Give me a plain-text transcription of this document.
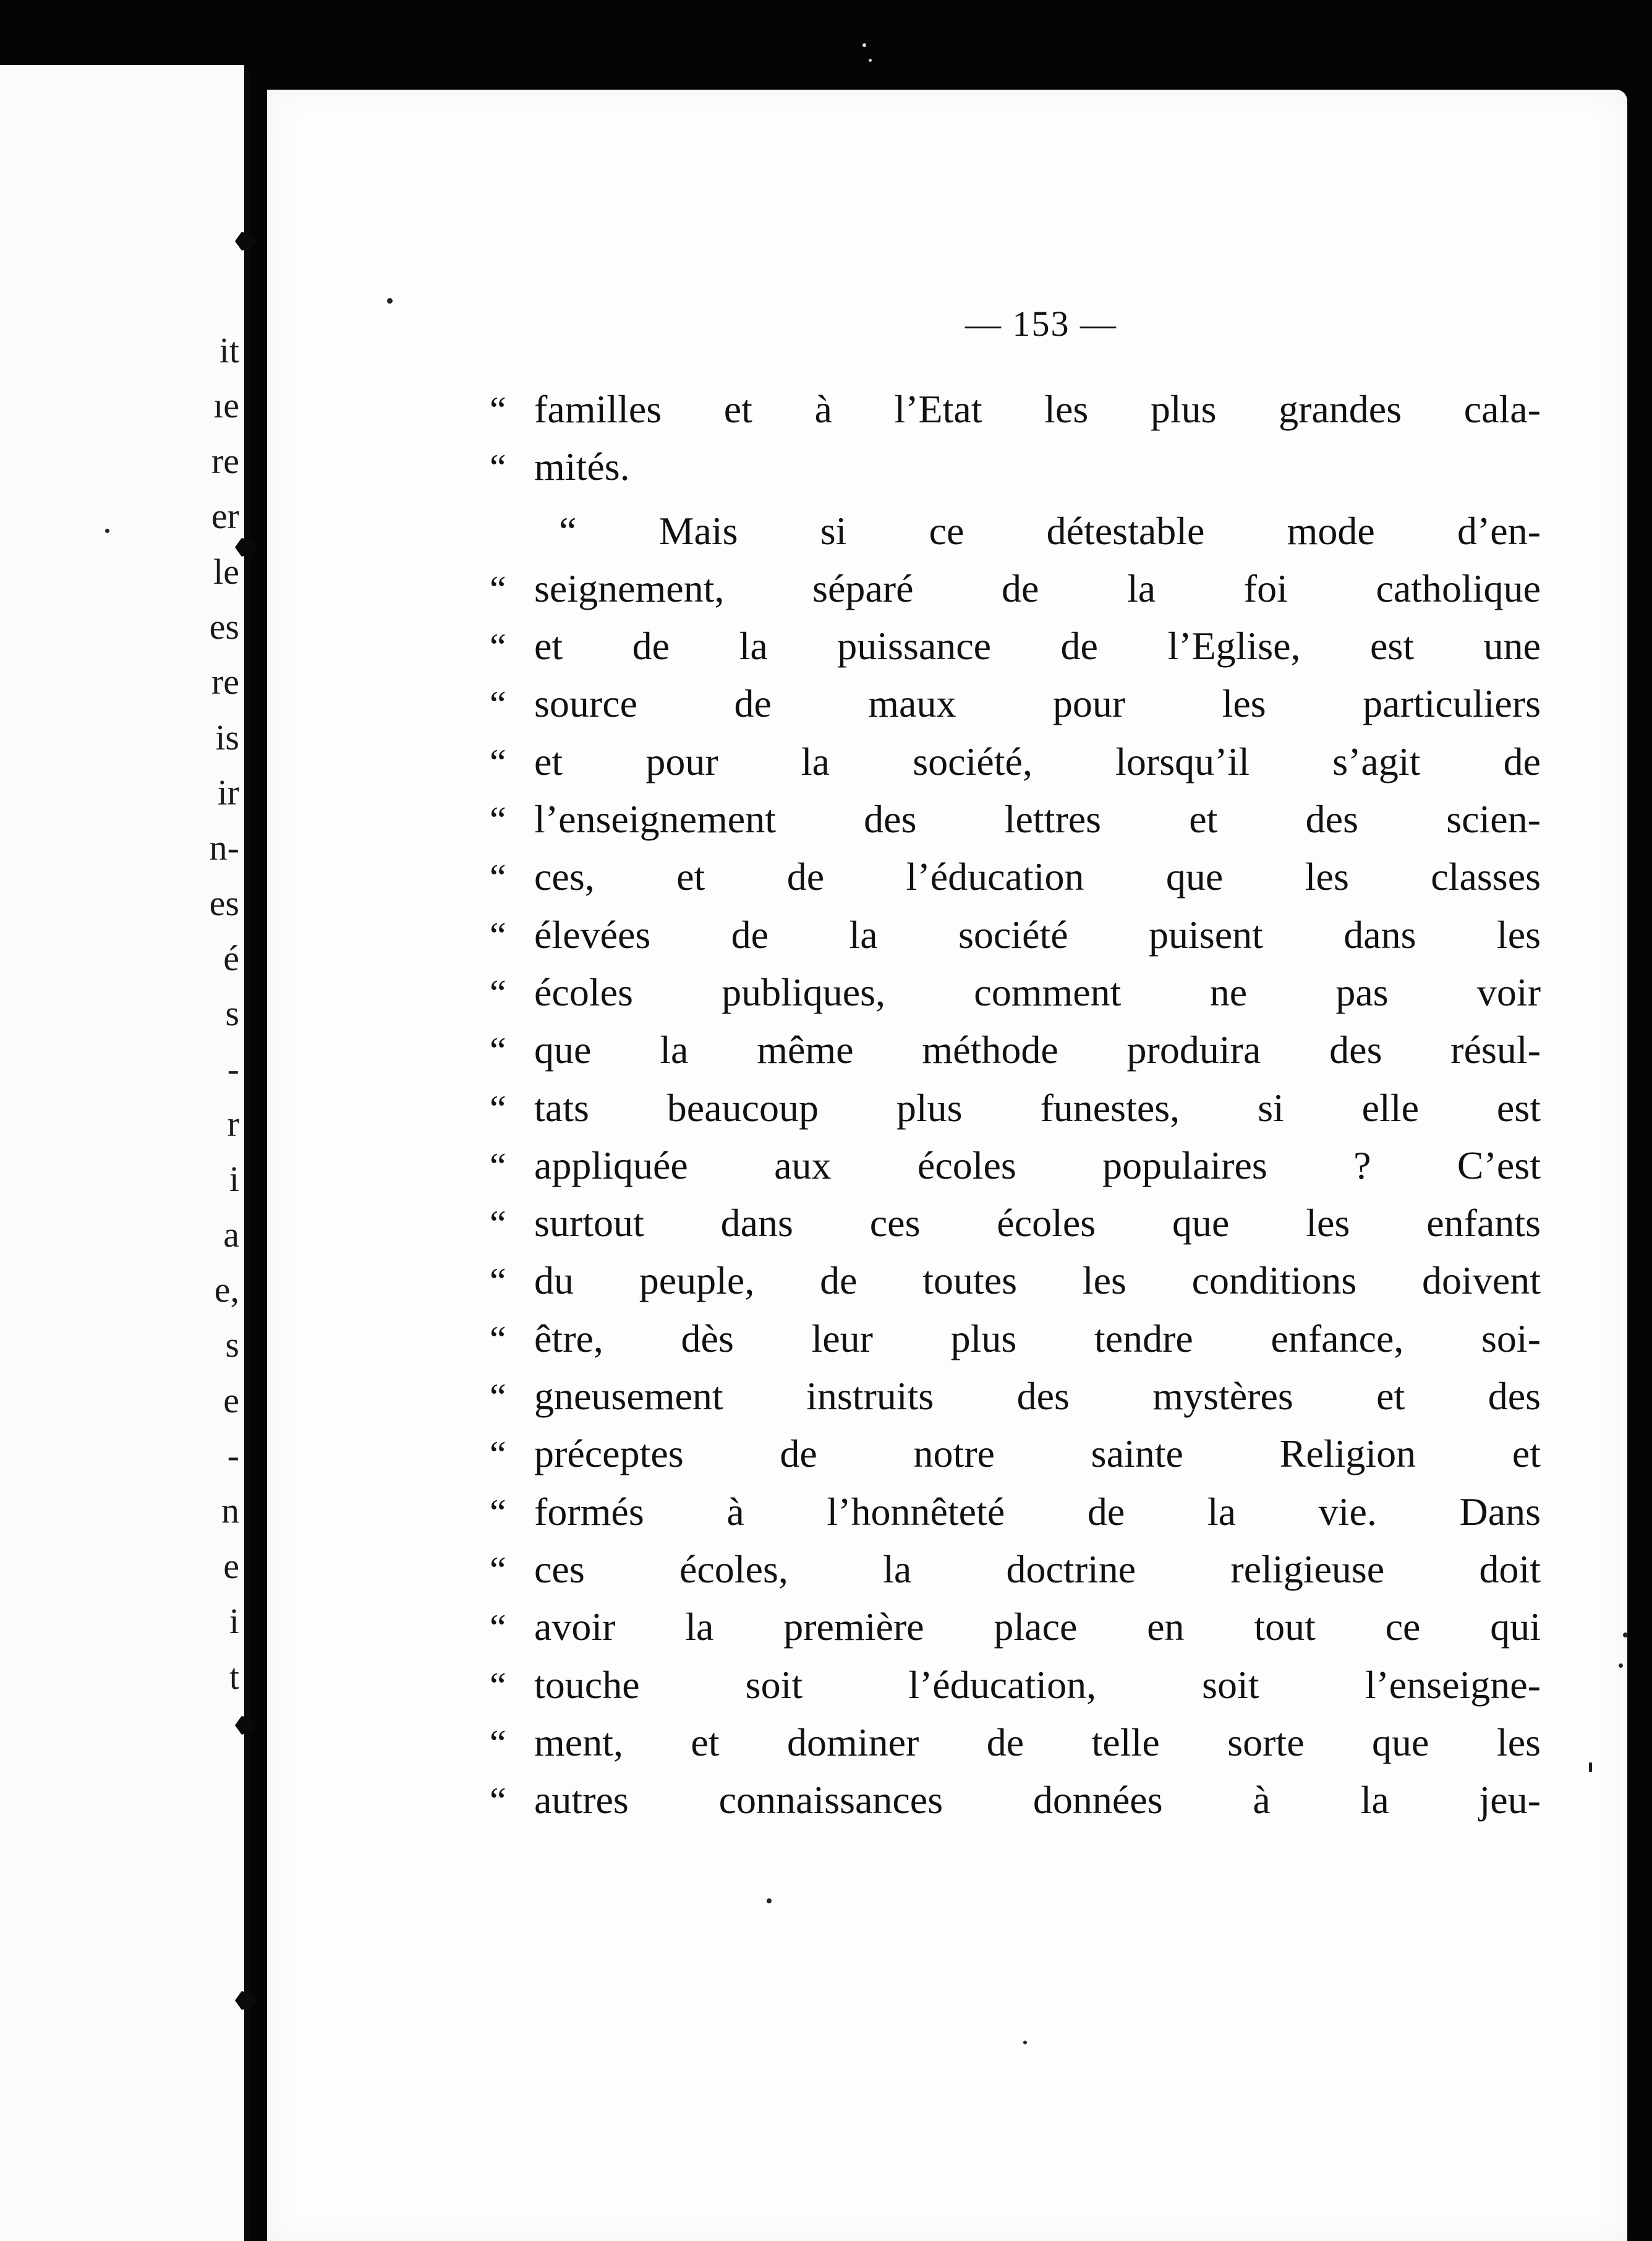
it
ıe
re
er
le
es
re
is
ir
n-
es
é
s
-
r
i
a
e,
s
e
-
n
e
i
t
— 153 —
“ familles et à l’Etat les plus grandes cala-
“ mités.
“ Mais si ce détestable mode d’en-
“ seignement, séparé de la foi catholique
“ et de la puissance de l’Eglise, est une
“ source de maux pour les particuliers
“ et pour la société, lorsqu’il s’agit de
“ l’enseignement des lettres et des scien-
“ ces, et de l’éducation que les classes
“ élevées de la société puisent dans les
“ écoles publiques, comment ne pas voir
“ que la même méthode produira des résul-
“ tats beaucoup plus funestes, si elle est
“ appliquée aux écoles populaires ? C’est
“ surtout dans ces écoles que les enfants
“ du peuple, de toutes les conditions doivent
“ être, dès leur plus tendre enfance, soi-
“ gneusement instruits des mystères et des
“ préceptes de notre sainte Religion et
“ formés à l’honnêteté de la vie. Dans
“ ces écoles, la doctrine religieuse doit
“ avoir la première place en tout ce qui
“ touche soit l’éducation, soit l’enseigne-
“ ment, et dominer de telle sorte que les
“ autres connaissances données à la jeu-
